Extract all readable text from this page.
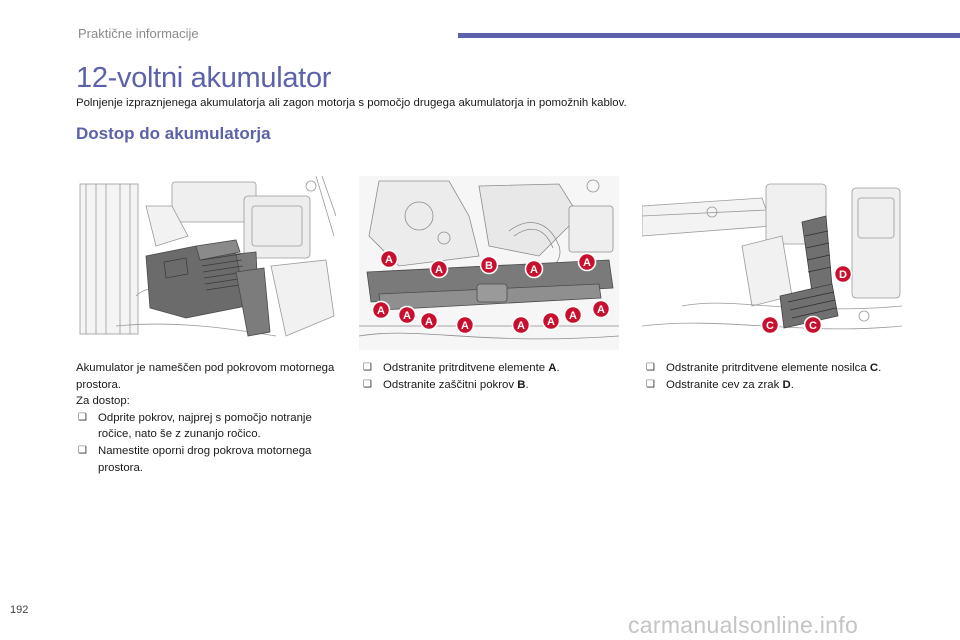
Praktične informacije
12-voltni akumulator
Polnjenje izpraznjenega akumulatorja ali zagon motorja s pomočjo drugega akumulatorja in pomožnih kablov.
Dostop do akumulatorja
A
A	B	A
A
A A A	A	A A A A
D
C	C

Akumulator je nameščen pod pokrovom motornega prostora.

Za dostop:

❑ Odprite pokrov, najprej s pomočjo notranje ročice, nato še z zunanjo ročico.
❑ Namestite oporni drog pokrova motornega prostora.
❑ Odstranite pritrditvene elemente A.
❑ Odstranite zaščitni pokrov B.
❑ Odstranite pritrditvene elemente nosilca C.
❑ Odstranite cev za zrak D.
192
carmanualsonline.info
